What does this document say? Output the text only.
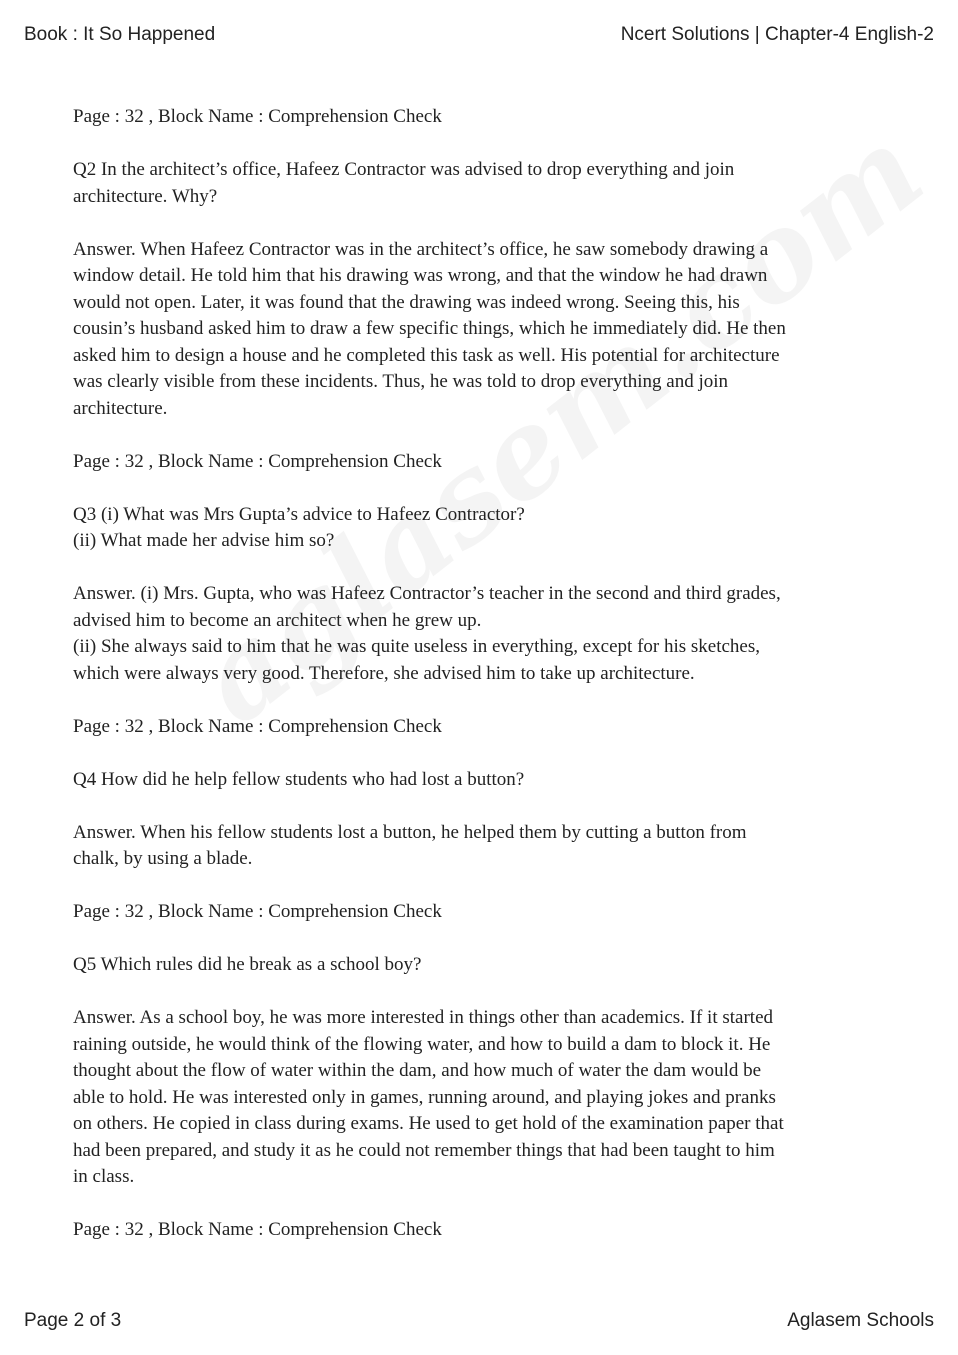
Book : It So Happened	Ncert Solutions | Chapter-4 English-2
Page : 32 , Block Name : Comprehension Check
Q2 In the architect’s office, Hafeez Contractor was advised to drop everything and join
architecture. Why?
Answer. When Hafeez Contractor was in the architect’s office, he saw somebody drawing a
window detail. He told him that his drawing was wrong, and that the window he had drawn
would not open. Later, it was found that the drawing was indeed wrong. Seeing this, his
cousin’s husband asked him to draw a few specific things, which he immediately did. He then
asked him to design a house and he completed this task as well. His potential for architecture
was clearly visible from these incidents. Thus, he was told to drop everything and join
architecture.
Page : 32 , Block Name : Comprehension Check
Q3 (i) What was Mrs Gupta’s advice to Hafeez Contractor?
(ii) What made her advise him so?
Answer. (i) Mrs. Gupta, who was Hafeez Contractor’s teacher in the second and third grades,
advised him to become an architect when he grew up.
(ii) She always said to him that he was quite useless in everything, except for his sketches,
which were always very good. Therefore, she advised him to take up architecture.
Page : 32 , Block Name : Comprehension Check
Q4 How did he help fellow students who had lost a button?
Answer. When his fellow students lost a button, he helped them by cutting a button from
chalk, by using a blade.
Page : 32 , Block Name : Comprehension Check
Q5 Which rules did he break as a school boy?
Answer. As a school boy, he was more interested in things other than academics. If it started
raining outside, he would think of the flowing water, and how to build a dam to block it. He
thought about the flow of water within the dam, and how much of water the dam would be
able to hold. He was interested only in games, running around, and playing jokes and pranks
on others. He copied in class during exams. He used to get hold of the examination paper that
had been prepared, and study it as he could not remember things that had been taught to him
in class.
Page : 32 , Block Name : Comprehension Check
Page 2 of 3	Aglasem Schools
